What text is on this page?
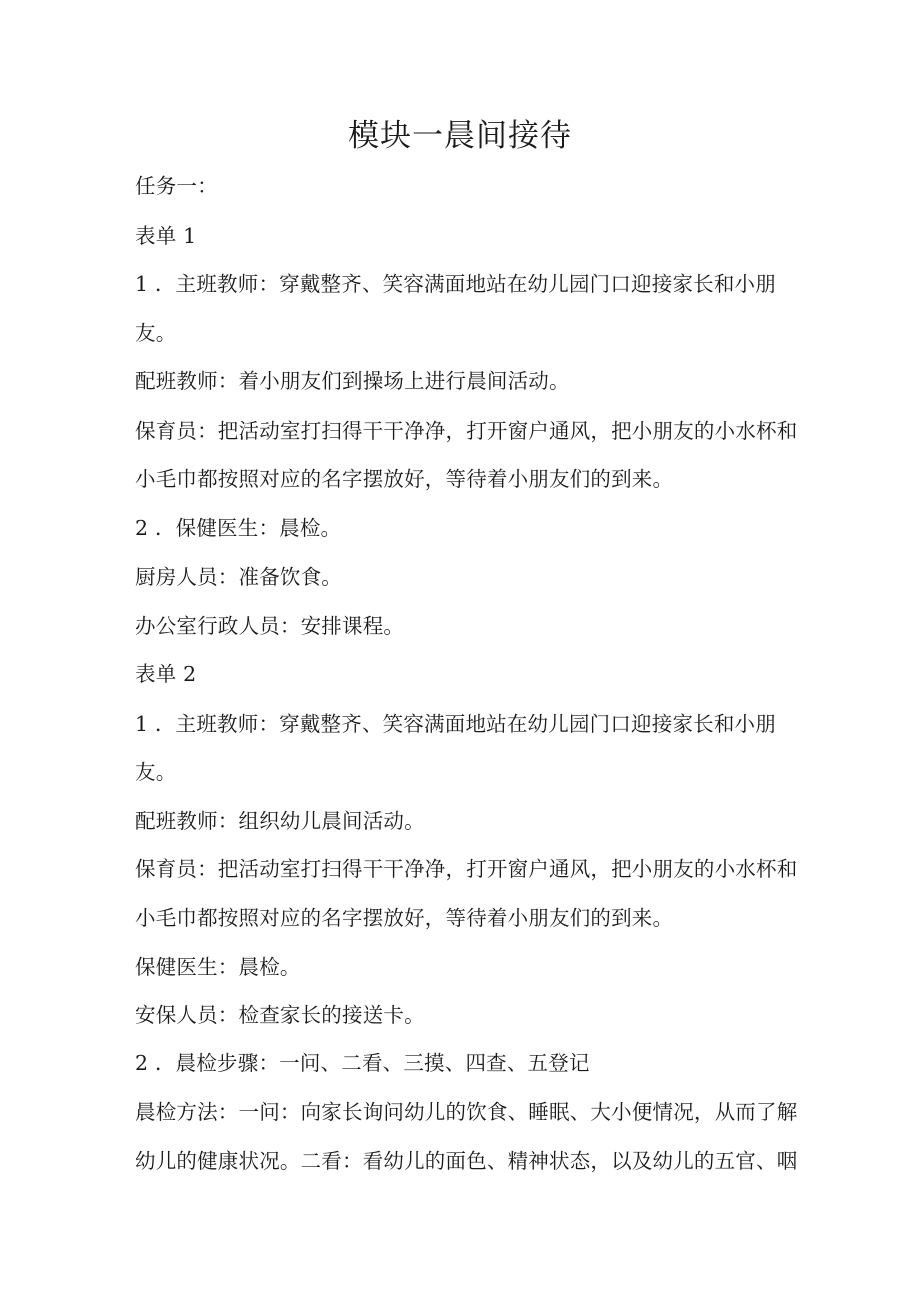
模块一晨间接待
任务一：
表单 1
1 ．主班教师：穿戴整齐、笑容满面地站在幼儿园门口迎接家长和小朋
友。
配班教师：着小朋友们到操场上进行晨间活动。
保育员：把活动室打扫得干干净净，打开窗户通风，把小朋友的小水杯和
小毛巾都按照对应的名字摆放好，等待着小朋友们的到来。
2 ．保健医生：晨检。
厨房人员：准备饮食。
办公室行政人员：安排课程。
表单 2
1 ．主班教师：穿戴整齐、笑容满面地站在幼儿园门口迎接家长和小朋
友。
配班教师：组织幼儿晨间活动。
保育员：把活动室打扫得干干净净，打开窗户通风，把小朋友的小水杯和
小毛巾都按照对应的名字摆放好，等待着小朋友们的到来。
保健医生：晨检。
安保人员：检查家长的接送卡。
2 ．晨检步骤：一问、二看、三摸、四查、五登记
晨检方法：一问：向家长询问幼儿的饮食、睡眠、大小便情况，从而了解
幼儿的健康状况。二看：看幼儿的面色、精神状态，以及幼儿的五官、咽
